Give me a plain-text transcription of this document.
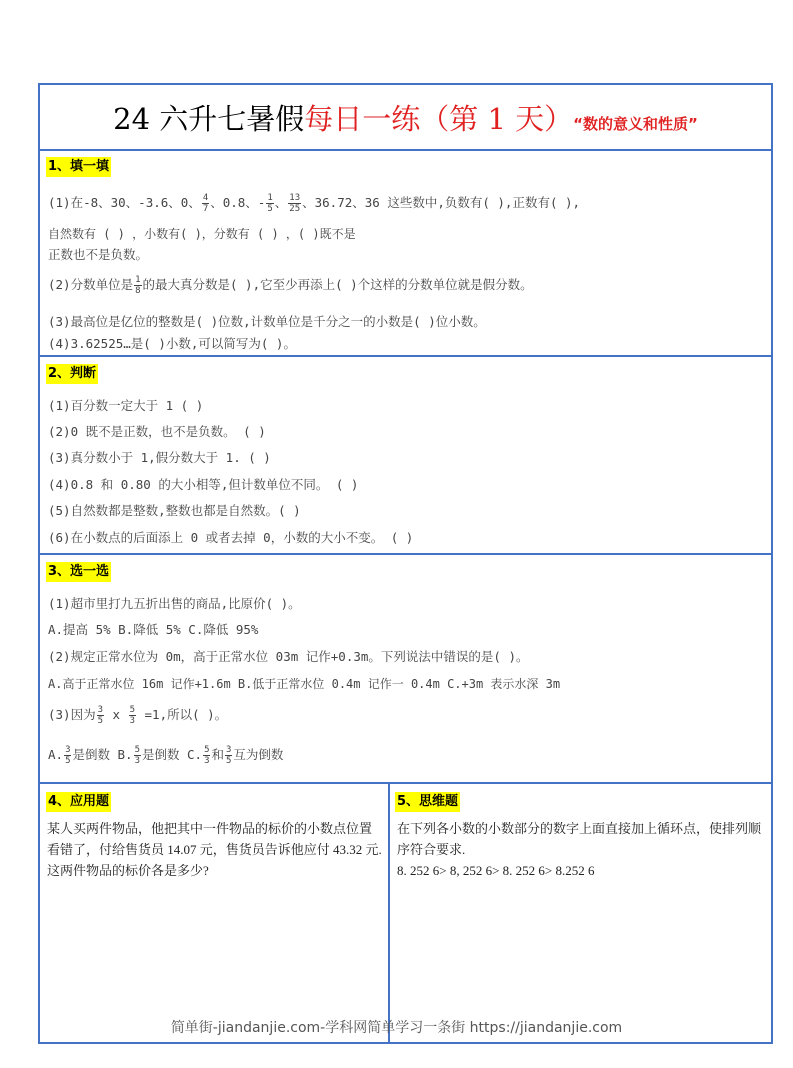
24 六升七暑假每日一练（第 1 天）“数的意义和性质”
1、填一填
(1)在-8、30、-3.6、0、 $\frac{4}{7}$ 、0.8、- $\frac{1}{5}$ 、 $\frac{13}{25}$ 、36.72、36 这些数中,负数有( ),正数有( ),
自然数有 ( ) ，小数有( )，分数有 ( ) ，( )既不是
正数也不是负数。
(2)分数单位是 $\frac{1}{8}$ 的最大真分数是( ),它至少再添上( )个这样的分数单位就是假分数。
(3)最高位是亿位的整数是( )位数,计数单位是千分之一的小数是( )位小数。
(4)3.62525…是( )小数,可以简写为( )。
2、判断
(1)百分数一定大于 1 ( )
(2)0 既不是正数，也不是负数。 ( )
(3)真分数小于 1,假分数大于 1. ( )
(4)0.8 和 0.80 的大小相等,但计数单位不同。 ( )
(5)自然数都是整数,整数也都是自然数。( )
(6)在小数点的后面添上 0 或者去掉 0，小数的大小不变。 ( )
3、选一选
(1)超市里打九五折出售的商品,比原价( )。
A.提高 5% B.降低 5% C.降低 95%
(2)规定正常水位为 0m，高于正常水位 03m 记作+0.3m。下列说法中错误的是( )。
A.高于正常水位 16m 记作+1.6m B.低于正常水位 0.4m 记作一 0.4m C.+3m 表示水深 3m
(3)因为 $\frac{3}{5}$ x $\frac{5}{3} =1$,所以( )。
A. $\frac{3}{5}$ 是倒数 B. $\frac{5}{3}$ 是倒数 C. $\frac{5}{3}$ 和 $\frac{3}{5}$ 互为倒数
4、应用题
某人买两件物品，他把其中一件物品的标价的小数点位置看错了，付给售货员 14.07 元，售货员告诉他应付 43.32 元.这两件物品的标价各是多少?
5、思维题
在下列各小数的小数部分的数字上面直接加上循环点，使排列顺序符合要求.
8. 252 6> 8, 252 6> 8. 252 6> 8.252 6
简单街-jiandanjie.com-学科网简单学习一条街 https://jiandanjie.com
